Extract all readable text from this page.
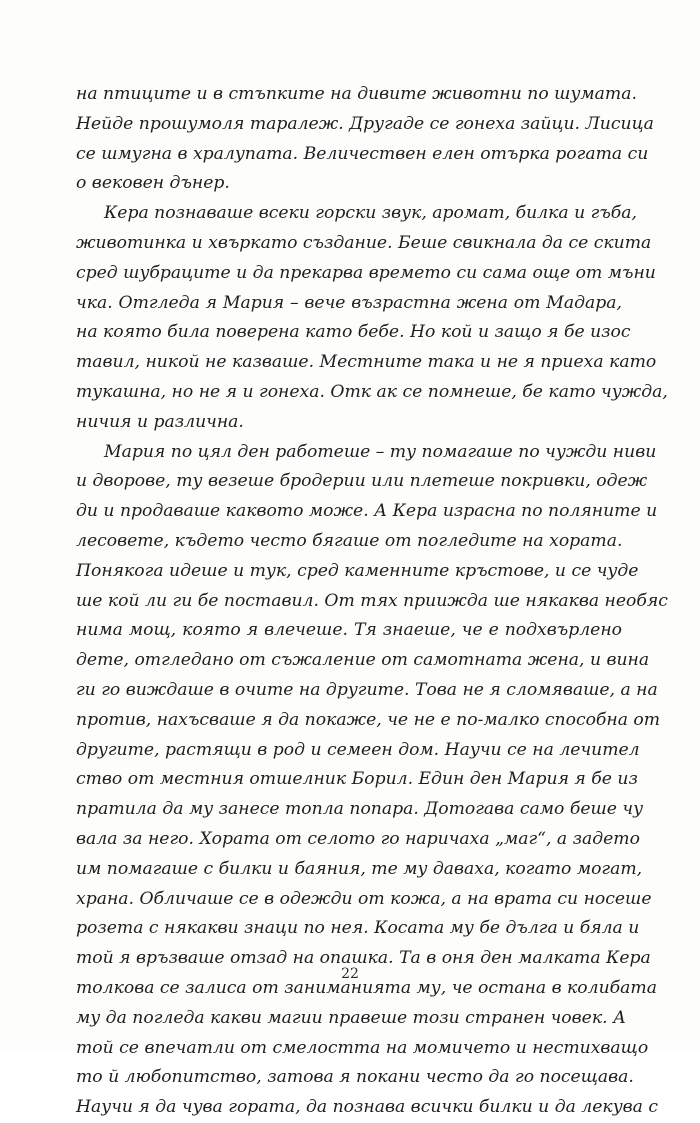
на птиците и в стъпките на дивите животни по шумата.
Нейде прошумоля таралеж. Другаде се гонеха зайци. Лисица
се шмугна в хралупата. Величествен елен отърка рогата си
о вековен дънер.
Кера познаваше всеки горски звук, аромат, билка и гъба,
животинка и хвъркато създание. Беше свикнала да се скита
сред шубраците и да прекарва времето си сама още от мъни
чка. Отгледа я Мария – вече възрастна жена от Мадара,
на която била поверена като бебе. Но кой и защо я бе изос
тавил, никой не казваше. Местните така и не я приеха като
тукашна, но не я и гонеха. Отк ак се помнеше, бе като чужда,
ничия и различна.
Мария по цял ден работеше – ту помагаше по чужди ниви
и дворове, ту везеше бродерии или плетеше покривки, одеж
ди и продаваше каквото може. А Кера израсна по поляните и
лесовете, където често бягаше от погледите на хората.
Понякога идеше и тук, сред каменните кръстове, и се чуде
ше кой ли ги бе поставил. От тях приижда ше някаква необяс
нима мощ, която я влечеше. Тя знаеше, че е подхвърлено
дете, отгледано от съжаление от самотната жена, и вина
ги го виждаше в очите на другите. Това не я сломяваше, а на
против, нахъсваше я да покаже, че не е по-малко способна от
другите, растящи в род и семеен дом. Научи се на лечител
ство от местния отшелник Борил. Един ден Мария я бе из
пратила да му занесе топла попара. Дотогава само беше чу
вала за него. Хората от селото го наричаха „маг“, а задето
им помагаше с билки и баяния, те му даваха, когато могат,
храна. Обличаше се в одежди от кожа, а на врата си носеше
розета с някакви знаци по нея. Косата му бе дълга и бяла и
той я връзваше отзад на опашка. Та в оня ден малката Кера
толкова се залиса от заниманията му, че остана в колибата
му да погледа какви магии правеше този странен човек. А
той се впечатли от смелостта на момичето и нестихващо
то й любопитство, затова я покани често да го посещава.
Научи я да чува гората, да познава всички билки и да лекува с
22
